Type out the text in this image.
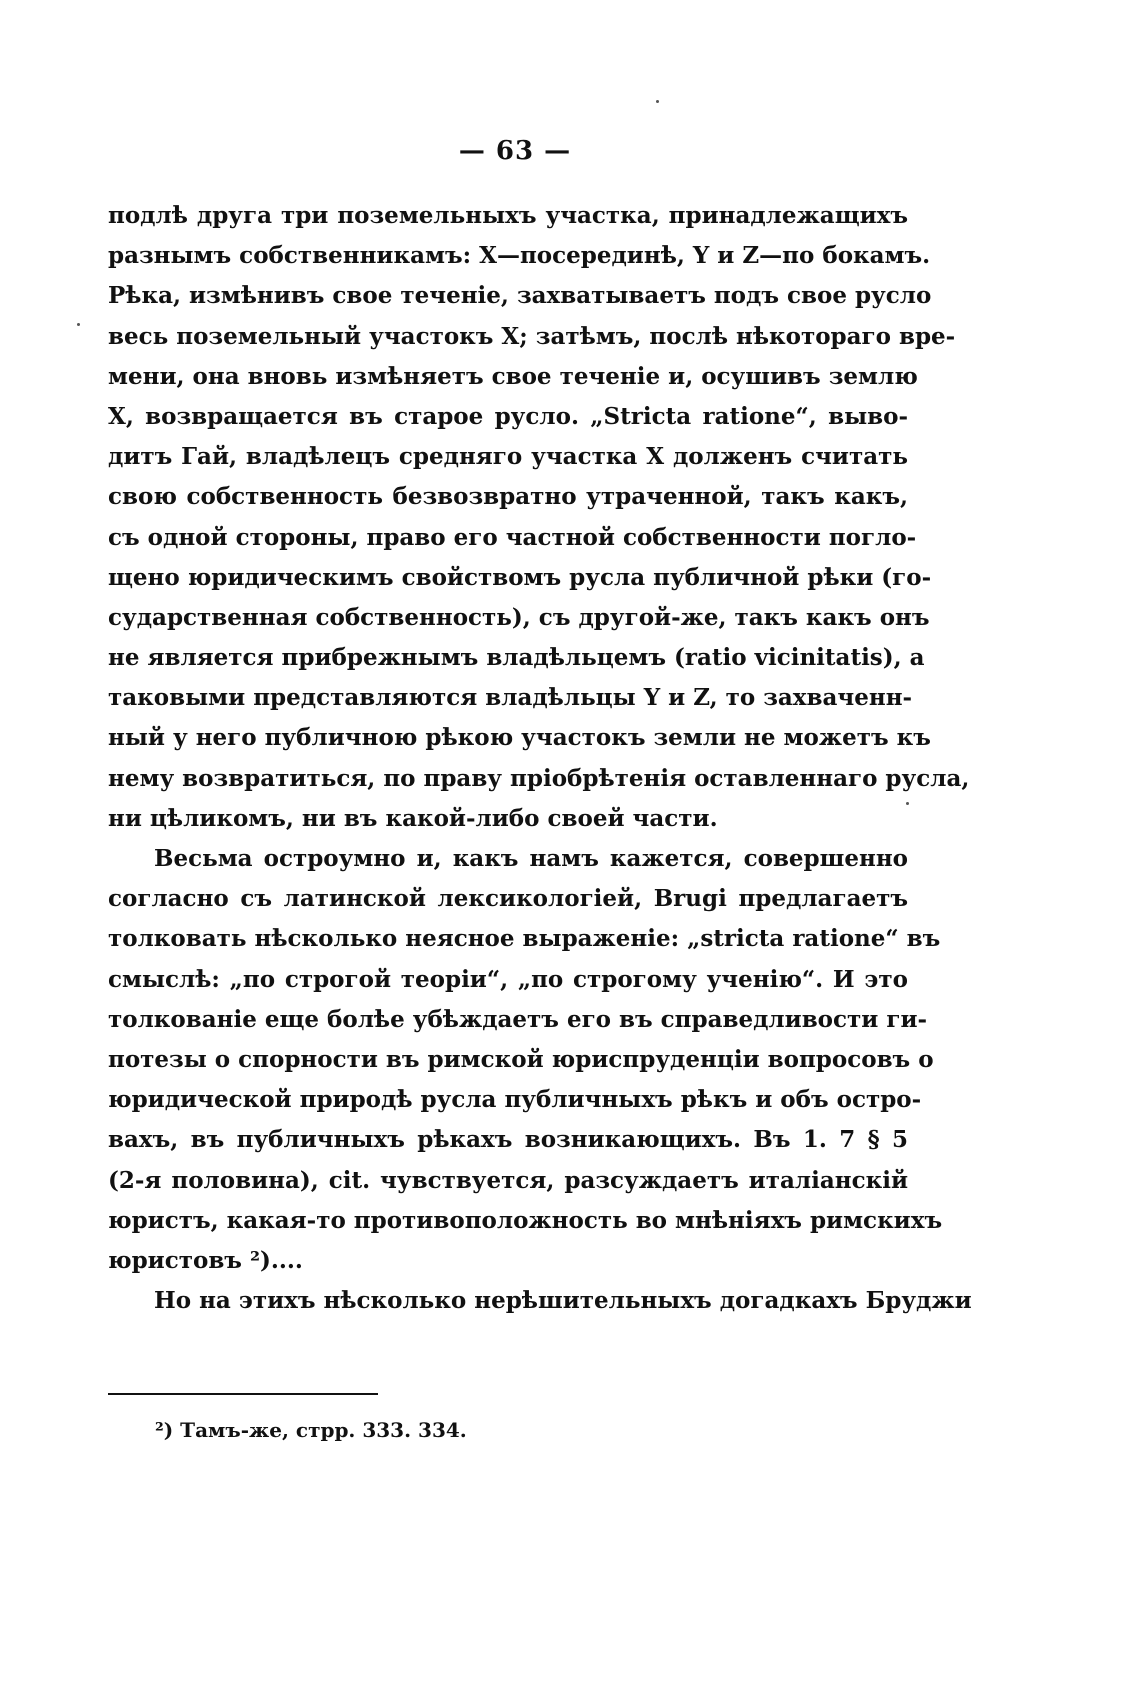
— 63 —
подлѣ друга три поземельныхъ участка, принадлежащихъ
разнымъ собственникамъ: X—посерединѣ, Y и Z—по бокамъ.
Рѣка, измѣнивъ свое теченіе, захватываетъ подъ свое русло
весь поземельный участокъ X; затѣмъ, послѣ нѣкотораго вре-
мени, она вновь измѣняетъ свое теченіе и, осушивъ землю
X, возвращается въ старое русло. „Stricta ratione“, выво-
дитъ Гай, владѣлецъ средняго участка X долженъ считать
свою собственность безвозвратно утраченной, такъ какъ,
съ одной стороны, право его частной собственности погло-
щено юридическимъ свойствомъ русла публичной рѣки (го-
сударственная собственность), съ другой-же, такъ какъ онъ
не является прибрежнымъ владѣльцемъ (ratio vicinitatis), а
таковыми представляются владѣльцы Y и Z, то захваченн-
ный у него публичною рѣкою участокъ земли не можетъ къ
нему возвратиться, по праву пріобрѣтенія оставленнаго русла,
ни цѣликомъ, ни въ какой-либо своей части.
Весьма остроумно и, какъ намъ кажется, совершенно
согласно съ латинской лексикологіей, Brugi предлагаетъ
толковать нѣсколько неясное выраженіе: „stricta ratione“ въ
смыслѣ: „по строгой теоріи“, „по строгому ученію“. И это
толкованіе еще болѣе убѣждаетъ его въ справедливости ги-
потезы о спорности въ римской юриспруденціи вопросовъ о
юридической природѣ русла публичныхъ рѣкъ и объ остро-
вахъ, въ публичныхъ рѣкахъ возникающихъ. Въ 1. 7 § 5
(2-я половина), cit. чувствуется, разсуждаетъ италіанскій
юристъ, какая-то противоположность во мнѣніяхъ римскихъ
юристовъ ²)....
Но на этихъ нѣсколько нерѣшительныхъ догадкахъ Бруджи
²) Тамъ-же, стрр. 333. 334.
